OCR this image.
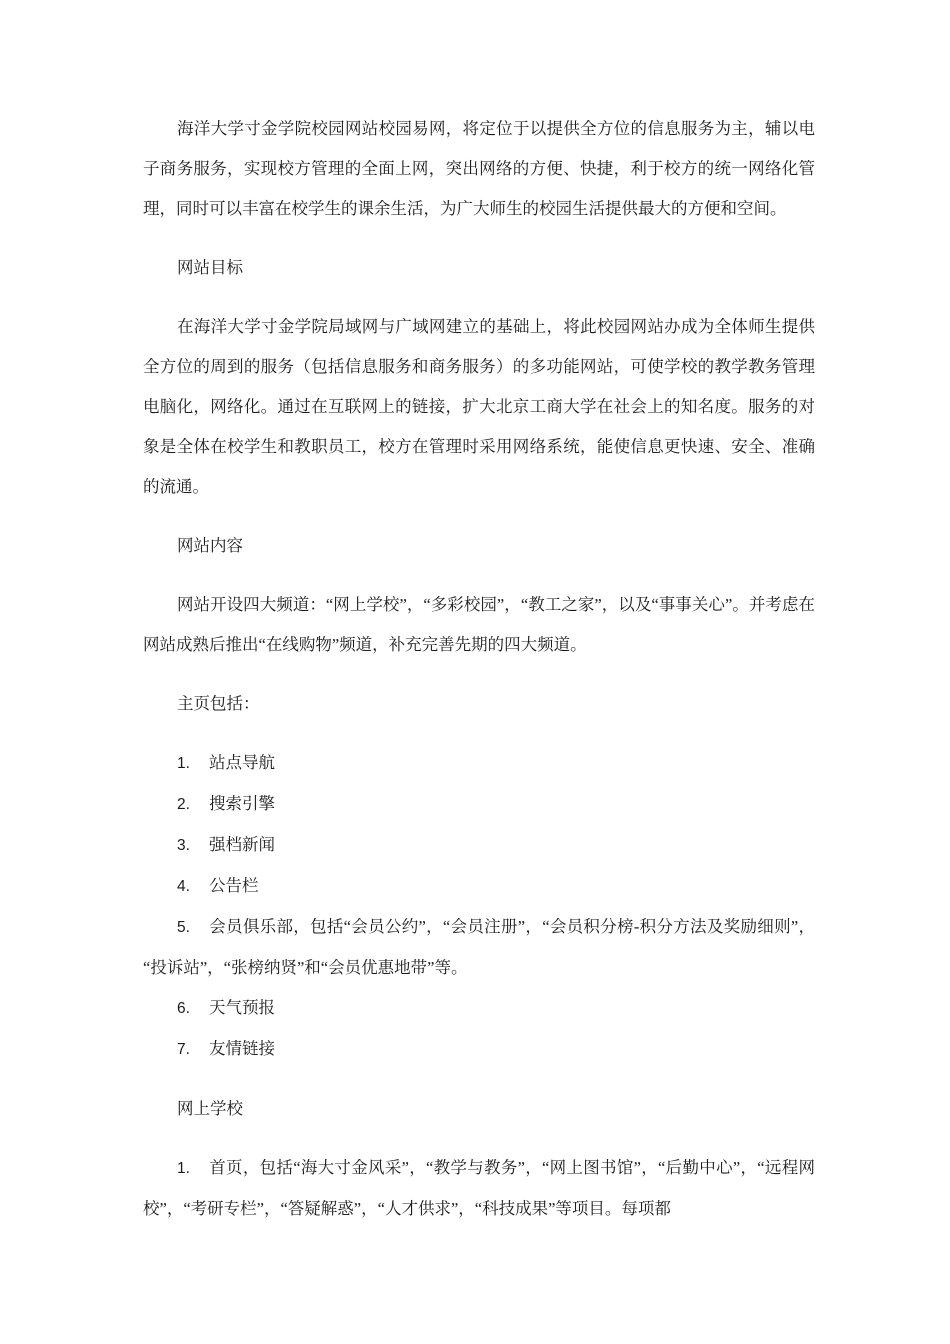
海洋大学寸金学院校园网站校园易网，将定位于以提供全方位的信息服务为主，辅以电子商务服务，实现校方管理的全面上网，突出网络的方便、快捷，利于校方的统一网络化管理，同时可以丰富在校学生的课余生活，为广大师生的校园生活提供最大的方便和空间。

网站目标

在海洋大学寸金学院局域网与广域网建立的基础上，将此校园网站办成为全体师生提供全方位的周到的服务（包括信息服务和商务服务）的多功能网站，可使学校的教学教务管理电脑化，网络化。通过在互联网上的链接，扩大北京工商大学在社会上的知名度。服务的对象是全体在校学生和教职员工，校方在管理时采用网络系统，能使信息更快速、安全、准确的流通。

网站内容

网站开设四大频道：“网上学校”，“多彩校园”，“教工之家”，以及“事事关心”。并考虑在网站成熟后推出“在线购物”频道，补充完善先期的四大频道。

主页包括：

1. 站点导航
2. 搜索引擎
3. 强档新闻
4. 公告栏
5. 会员俱乐部，包括“会员公约”，“会员注册”，“会员积分榜-积分方法及奖励细则”，“投诉站”，“张榜纳贤”和“会员优惠地带”等。
6. 天气预报
7. 友情链接

网上学校

1. 首页，包括“海大寸金风采”，“教学与教务”，“网上图书馆”，“后勤中心”，“远程网校”，“考研专栏”，“答疑解惑”，“人才供求”，“科技成果”等项目。每项都
